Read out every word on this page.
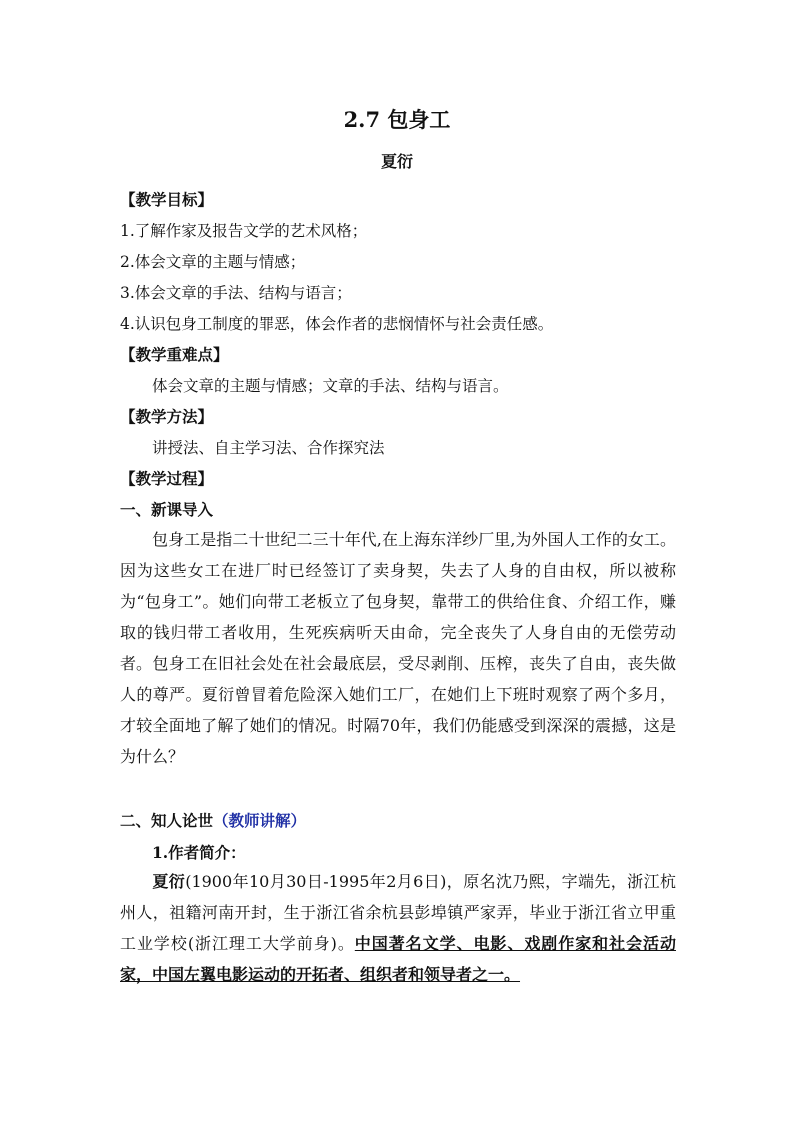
2.7 包身工
夏衍
【教学目标】
1.了解作家及报告文学的艺术风格；
2.体会文章的主题与情感；
3.体会文章的手法、结构与语言；
4.认识包身工制度的罪恶，体会作者的悲悯情怀与社会责任感。
【教学重难点】
体会文章的主题与情感；文章的手法、结构与语言。
【教学方法】
讲授法、自主学习法、合作探究法
【教学过程】
一、新课导入
包身工是指二十世纪二三十年代,在上海东洋纱厂里,为外国人工作的女工。因为这些女工在进厂时已经签订了卖身契，失去了人身的自由权，所以被称为“包身工”。她们向带工老板立了包身契，靠带工的供给住食、介绍工作，赚取的钱归带工者收用，生死疾病听天由命，完全丧失了人身自由的无偿劳动者。 包身工在旧社会处在社会最底层，受尽剥削、压榨，丧失了自由，丧失做人的尊严。夏衍曾冒着危险深入她们工厂，在她们上下班时观察了两个多月，才较全面地了解了她们的情况。时隔70年，我们仍能感受到深深的震撼，这是为什么？
二、知人论世（教师讲解）
1.作者简介：
夏衍(1900年10月30日-1995年2月6日)，原名沈乃熙，字端先，浙江杭州人，祖籍河南开封，生于浙江省余杭县彭埠镇严家弄，毕业于浙江省立甲重工业学校(浙江理工大学前身)。中国著名文学、电影、戏剧作家和社会活动家，中国左翼电影运动的开拓者、组织者和领导者之一。
